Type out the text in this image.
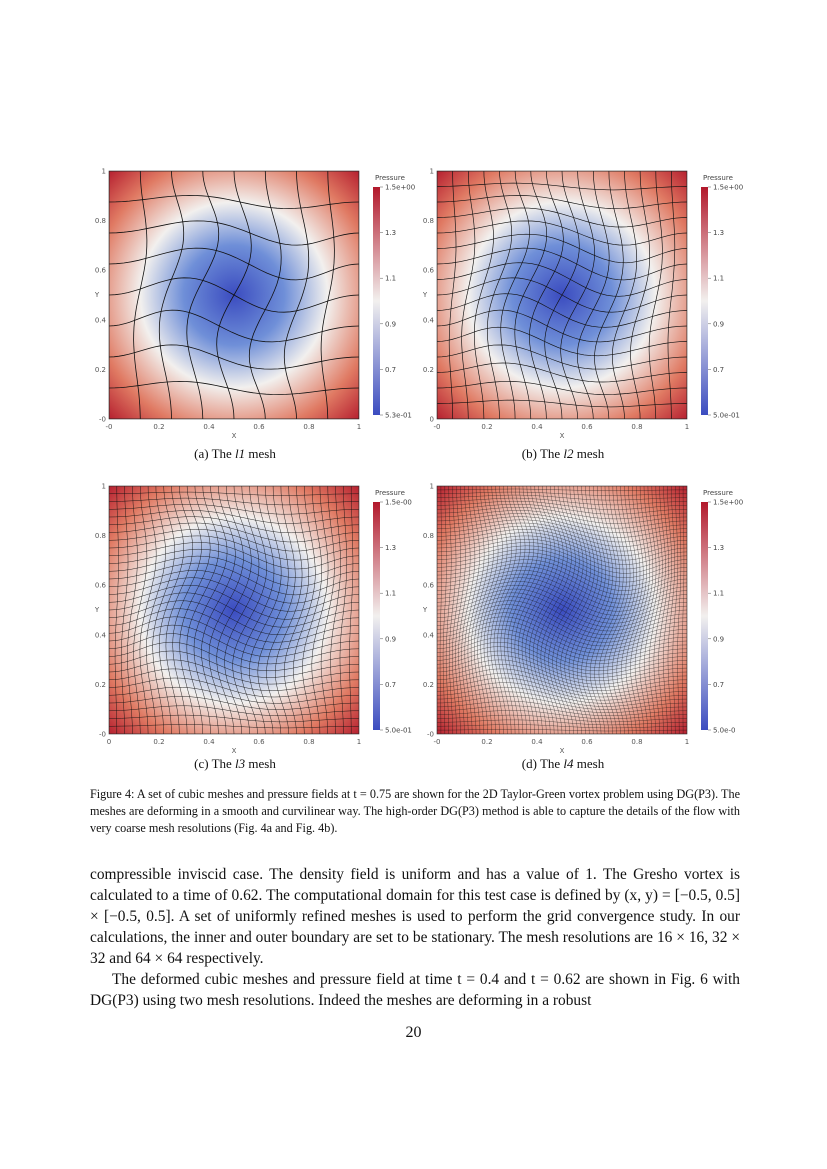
1
0.8
0.6
0.4
0.2
-0
-0	0.2	0.4	0.6	0.8	1
X
Y
Pressure
1.5e+00
1.3
1.1
0.9
0.7
5.3e-01
(a) The l1 mesh
1
0.8
0.6
0.4
0.2
0
-0	0.2	0.4	0.6	0.8	1
X
Y
Pressure
1.5e+00
1.3
1.1
0.9
0.7
5.0e-01
(b) The l2 mesh
1
0.8
0.6
0.4
0.2
-0
0	0.2	0.4	0.6	0.8	1
X
Y
Pressure
1.5e-00
1.3
1.1
0.9
0.7
5.0e-01
(c) The l3 mesh
1
0.8
0.6
0.4
0.2
-0
-0	0.2	0.4	0.6	0.8	1
X
Y
Pressure
1.5e+00
1.3
1.1
0.9
0.7
5.0e-0
(d) The l4 mesh
Figure 4: A set of cubic meshes and pressure fields at t = 0.75 are shown for the 2D Taylor-Green vortex problem using DG(P3). The meshes are deforming in a smooth and curvilinear way. The high-order DG(P3) method is able to capture the details of the flow with very coarse mesh resolutions (Fig. 4a and Fig. 4b).

compressible inviscid case. The density field is uniform and has a value of 1. The Gresho vortex is calculated to a time of 0.62. The computational domain for this test case is defined by (x, y) = [−0.5, 0.5] × [−0.5, 0.5]. A set of uniformly refined meshes is used to perform the grid convergence study. In our calculations, the inner and outer boundary are set to be stationary. The mesh resolutions are 16 × 16, 32 × 32 and 64 × 64 respectively.

The deformed cubic meshes and pressure field at time t = 0.4 and t = 0.62 are shown in Fig. 6 with DG(P3) using two mesh resolutions. Indeed the meshes are deforming in a robust

20
